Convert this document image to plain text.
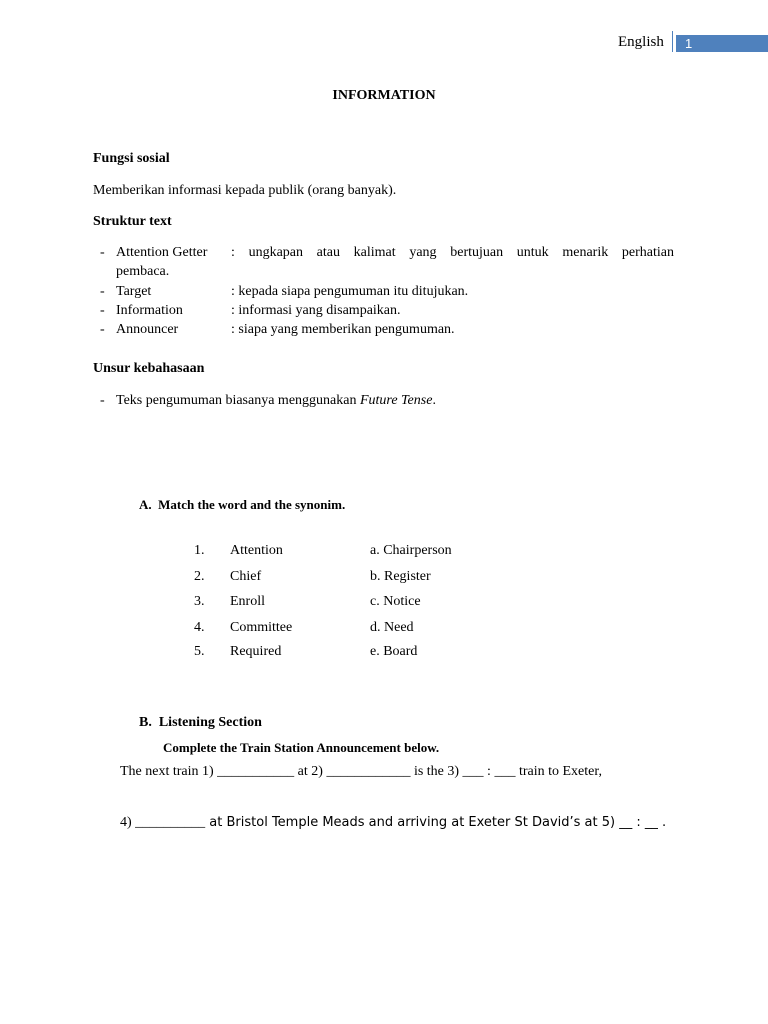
English 1
INFORMATION
Fungsi sosial
Memberikan informasi kepada publik (orang banyak).
Struktur text
- Attention Getter : ungkapan atau kalimat yang bertujuan untuk menarik perhatian
pembaca.
- Target	: kepada siapa pengumuman itu ditujukan.
- Information	: informasi yang disampaikan.
- Announcer	: siapa yang memberikan pengumuman.
Unsur kebahasaan
- Teks pengumuman biasanya menggunakan Future Tense.
A.  Match the word and the synonim.
1. Attention	a. Chairperson
2. Chief	b. Register
3. Enroll	c. Notice
4. Committee	d. Need
5. Required	e. Board
B.  Listening Section
Complete the Train Station Announcement below.
The next train 1) ___________ at 2) ____________ is the 3) ___ : ___ train to Exeter,
4) __________ at Bristol Temple Meads and arriving at Exeter St David’s at 5) __ : __ .
